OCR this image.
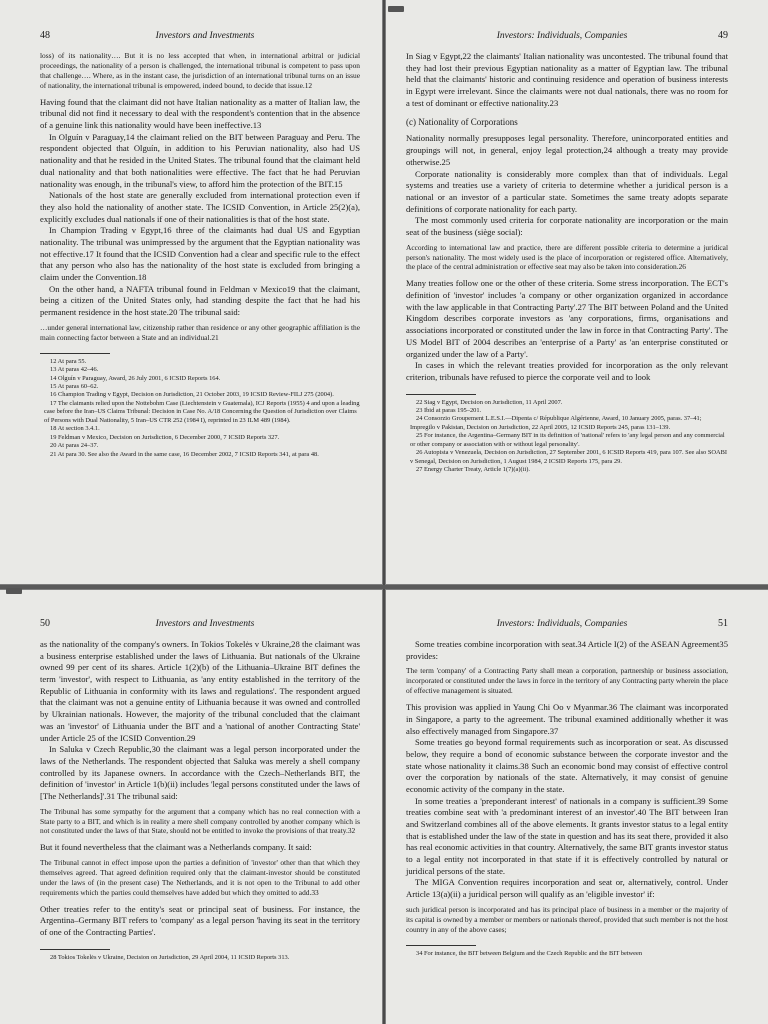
48	Investors and Investments

loss) of its nationality…. But it is no less accepted that when, in international arbitral or judicial proceedings, the nationality of a person is challenged, the international tribunal is competent to pass upon that challenge…. Where, as in the instant case, the jurisdiction of an international tribunal turns on an issue of nationality, the international tribunal is empowered, indeed bound, to decide that issue.12

Having found that the claimant did not have Italian nationality as a matter of Italian law, the tribunal did not find it necessary to deal with the respondent's contention that in the absence of a genuine link this nationality would have been ineffective.13

In Olguín v Paraguay,14 the claimant relied on the BIT between Paraguay and Peru. The respondent objected that Olguín, in addition to his Peruvian nationality, also had US nationality and that he resided in the United States. The tribunal found that the claimant held dual nationality and that both nationalities were effective. The fact that he had Peruvian nationality was enough, in the tribunal's view, to afford him the protection of the BIT.15

Nationals of the host state are generally excluded from international protection even if they also hold the nationality of another state. The ICSID Convention, in Article 25(2)(a), explicitly excludes dual nationals if one of their nationalities is that of the host state.

In Champion Trading v Egypt,16 three of the claimants had dual US and Egyptian nationality. The tribunal was unimpressed by the argument that the Egyptian nationality was not effective.17 It found that the ICSID Convention had a clear and specific rule to the effect that any person who also has the nationality of the host state is excluded from bringing a claim under the Convention.18

On the other hand, a NAFTA tribunal found in Feldman v Mexico19 that the claimant, being a citizen of the United States only, had standing despite the fact that he had his permanent residence in the host state.20 The tribunal said:

…under general international law, citizenship rather than residence or any other geographic affiliation is the main connecting factor between a State and an individual.21

12 At para 55.

13 At paras 42–46.

14 Olguín v Paraguay, Award, 26 July 2001, 6 ICSID Reports 164.

15 At paras 60–62.

16 Champion Trading v Egypt, Decision on Jurisdiction, 21 October 2003, 19 ICSID Review-FILJ 275 (2004).

17 The claimants relied upon the Nottebohm Case (Liechtenstein v Guatemala), ICJ Reports (1955) 4 and upon a leading case before the Iran–US Claims Tribunal: Decision in Case No. A/18 Concerning the Question of Jurisdiction over Claims of Persons with Dual Nationality, 5 Iran–US CTR 252 (1984 I), reprinted in 23 ILM 489 (1984).

18 At section 3.4.1.

19 Feldman v Mexico, Decision on Jurisdiction, 6 December 2000, 7 ICSID Reports 327.

20 At paras 24–37.

21 At para 30. See also the Award in the same case, 16 December 2002, 7 ICSID Reports 341, at para 48.

Investors: Individuals, Companies	49

In Siag v Egypt,22 the claimants' Italian nationality was uncontested. The tribunal found that they had lost their previous Egyptian nationality as a matter of Egyptian law. The tribunal held that the claimants' historic and continuing residence and operation of business interests in Egypt were irrelevant. Since the claimants were not dual nationals, there was no room for a test of dominant or effective nationality.23

(c) Nationality of Corporations

Nationality normally presupposes legal personality. Therefore, unincorporated entities and groupings will not, in general, enjoy legal protection,24 although a treaty may provide otherwise.25

Corporate nationality is considerably more complex than that of individuals. Legal systems and treaties use a variety of criteria to determine whether a juridical person is a national or an investor of a particular state. Sometimes the same treaty adopts separate definitions of corporate nationality for each party.

The most commonly used criteria for corporate nationality are incorporation or the main seat of the business (siège social):

According to international law and practice, there are different possible criteria to determine a juridical person's nationality. The most widely used is the place of incorporation or registered office. Alternatively, the place of the central administration or effective seat may also be taken into consideration.26

Many treaties follow one or the other of these criteria. Some stress incorporation. The ECT's definition of 'investor' includes 'a company or other organization organized in accordance with the law applicable in that Contracting Party'.27 The BIT between Poland and the United Kingdom describes corporate investors as 'any corporations, firms, organisations and associations incorporated or constituted under the law in force in that Contracting Party'. The US Model BIT of 2004 describes an 'enterprise of a Party' as 'an enterprise constituted or organized under the law of a Party'.

In cases in which the relevant treaties provided for incorporation as the only relevant criterion, tribunals have refused to pierce the corporate veil and to look

22 Siag v Egypt, Decision on Jurisdiction, 11 April 2007.

23 Ibid at paras 195–201.

24 Consorzio Groupement L.E.S.I.—Dipenta c/ République Algérienne, Award, 10 January 2005, paras. 37–41; Impregilo v Pakistan, Decision on Jurisdiction, 22 April 2005, 12 ICSID Reports 245, paras 131–139.

25 For instance, the Argentina–Germany BIT in its definition of 'national' refers to 'any legal person and any commercial or other company or association with or without legal personality'.

26 Autopista v Venezuela, Decision on Jurisdiction, 27 September 2001, 6 ICSID Reports 419, para 107. See also SOABI v Senegal, Decision on Jurisdiction, 1 August 1984, 2 ICSID Reports 175, para 29.

27 Energy Charter Treaty, Article 1(7)(a)(ii).

50	Investors and Investments

as the nationality of the company's owners. In Tokios Tokelės v Ukraine,28 the claimant was a business enterprise established under the laws of Lithuania. But nationals of the Ukraine owned 99 per cent of its shares. Article 1(2)(b) of the Lithuania–Ukraine BIT defines the term 'investor', with respect to Lithuania, as 'any entity established in the territory of the Republic of Lithuania in conformity with its laws and regulations'. The respondent argued that the claimant was not a genuine entity of Lithuania because it was owned and controlled by Ukrainian nationals. However, the majority of the tribunal concluded that the claimant was an 'investor' of Lithuania under the BIT and a 'national of another Contracting State' under Article 25 of the ICSID Convention.29

In Saluka v Czech Republic,30 the claimant was a legal person incorporated under the laws of the Netherlands. The respondent objected that Saluka was merely a shell company controlled by its Japanese owners. In accordance with the Czech–Netherlands BIT, the definition of 'investor' in Article 1(b)(ii) includes 'legal persons constituted under the laws of [The Netherlands]'.31 The tribunal said:

The Tribunal has some sympathy for the argument that a company which has no real connection with a State party to a BIT, and which is in reality a mere shell company controlled by another company which is not constituted under the laws of that State, should not be entitled to invoke the provisions of that treaty.32

But it found nevertheless that the claimant was a Netherlands company. It said:

The Tribunal cannot in effect impose upon the parties a definition of 'investor' other than that which they themselves agreed. That agreed definition required only that the claimant-investor should be constituted under the laws of (in the present case) The Netherlands, and it is not open to the Tribunal to add other requirements which the parties could themselves have added but which they omitted to add.33

Other treaties refer to the entity's seat or principal seat of business. For instance, the Argentina–Germany BIT refers to 'company' as a legal person 'having its seat in the territory of one of the Contracting Parties'.

28 Tokios Tokelės v Ukraine, Decision on Jurisdiction, 29 April 2004, 11 ICSID Reports 313.

Investors: Individuals, Companies	51

Some treaties combine incorporation with seat.34 Article I(2) of the ASEAN Agreement35 provides:

The term 'company' of a Contracting Party shall mean a corporation, partnership or business association, incorporated or constituted under the laws in force in the territory of any Contracting party wherein the place of effective management is situated.

This provision was applied in Yaung Chi Oo v Myanmar.36 The claimant was incorporated in Singapore, a party to the agreement. The tribunal examined additionally whether it was also effectively managed from Singapore.37

Some treaties go beyond formal requirements such as incorporation or seat. As discussed below, they require a bond of economic substance between the corporate investor and the state whose nationality it claims.38 Such an economic bond may consist of effective control over the corporation by nationals of the state. Alternatively, it may consist of genuine economic activity of the company in the state.

In some treaties a 'preponderant interest' of nationals in a company is sufficient.39 Some treaties combine seat with 'a predominant interest of an investor'.40 The BIT between Iran and Switzerland combines all of the above elements. It grants investor status to a legal entity that is established under the law of the state in question and has its seat there, provided it also has real economic activities in that country. Alternatively, the same BIT grants investor status to a legal entity not incorporated in that state if it is effectively controlled by natural or juridical persons of the state.

The MIGA Convention requires incorporation and seat or, alternatively, control. Under Article 13(a)(ii) a juridical person will qualify as an 'eligible investor' if:

such juridical person is incorporated and has its principal place of business in a member or the majority of its capital is owned by a member or members or nationals thereof, provided that such member is not the host country in any of the above cases;

34 For instance, the BIT between Belgium and the Czech Republic and the BIT between
